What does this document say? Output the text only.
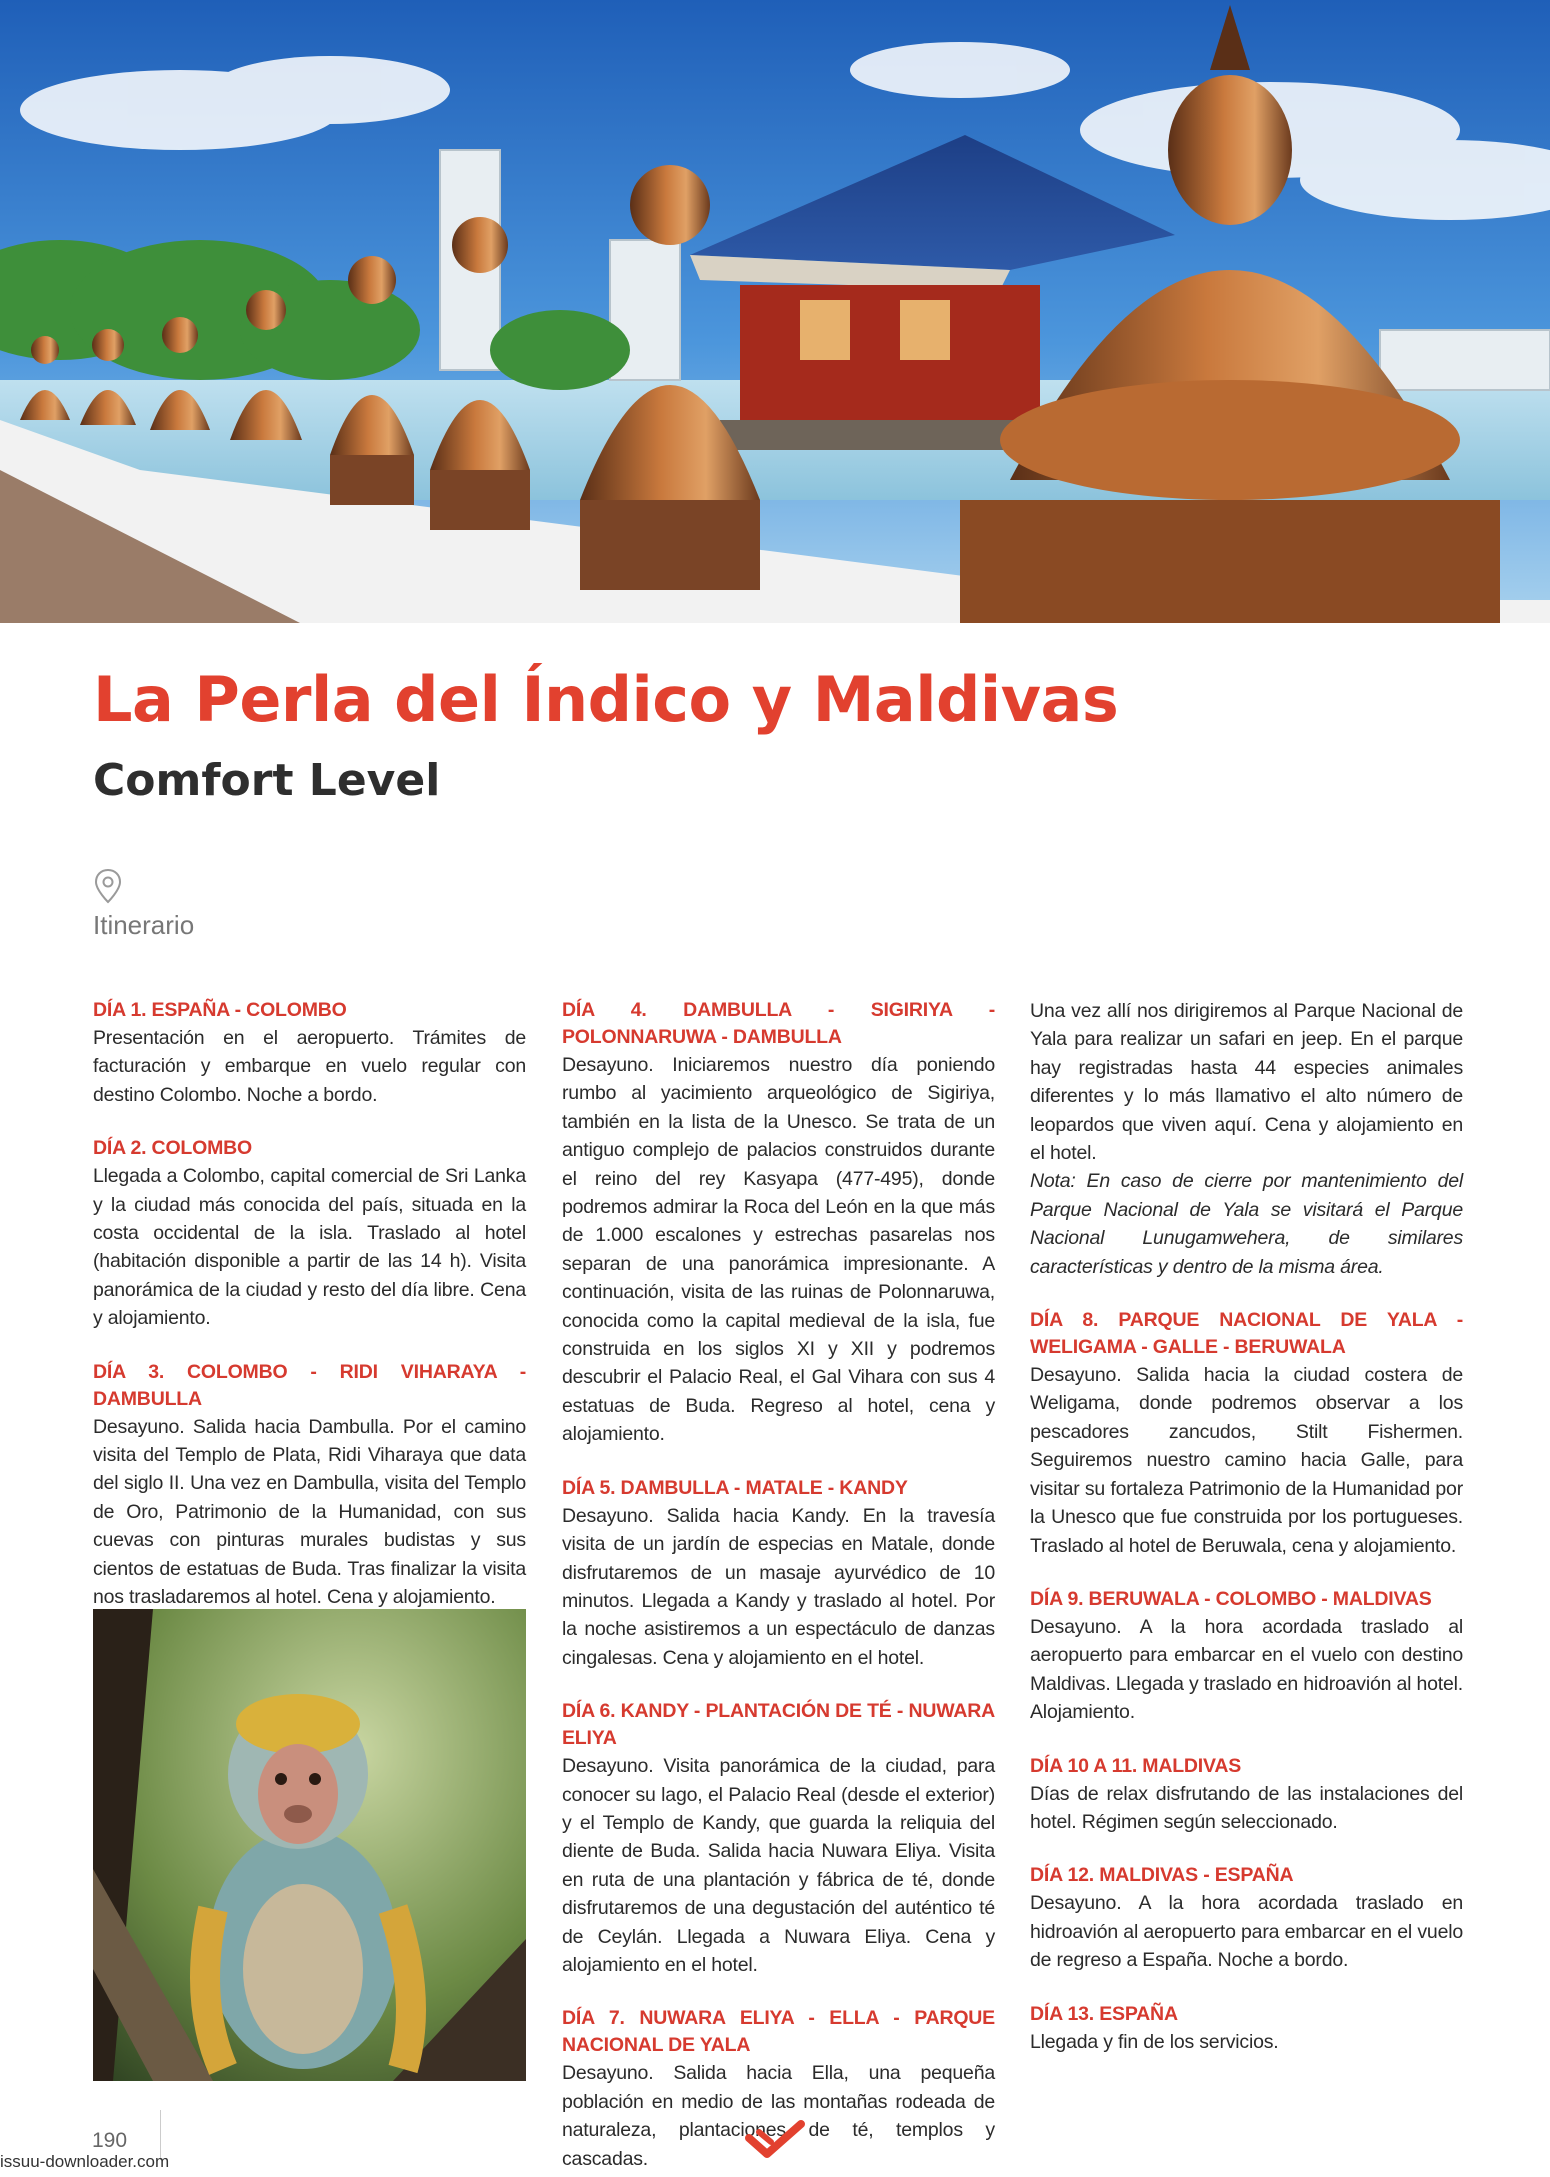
La Perla del Índico y Maldivas
Comfort Level
Itinerario
DÍA 1. ESPAÑA - COLOMBO
Presentación en el aeropuerto. Trámites de facturación y embarque en vuelo regular con destino Colombo. Noche a bordo.
DÍA 2. COLOMBO
Llegada a Colombo, capital comercial de Sri Lanka y la ciudad más conocida del país, situada en la costa occidental de la isla. Traslado al hotel (habitación disponible a partir de las 14 h). Visita panorámica de la ciudad y resto del día libre. Cena y alojamiento.
DÍA 3. COLOMBO - RIDI VIHARAYA - DAMBULLA
Desayuno. Salida hacia Dambulla. Por el camino visita del Templo de Plata, Ridi Viharaya que data del siglo II. Una vez en Dambulla, visita del Templo de Oro, Patrimonio de la Humanidad, con sus cuevas con pinturas murales budistas y sus cientos de estatuas de Buda. Tras finalizar la visita nos trasladaremos al hotel. Cena y alojamiento.
DÍA 4. DAMBULLA - SIGIRIYA - POLONNARUWA - DAMBULLA
Desayuno. Iniciaremos nuestro día poniendo rumbo al yacimiento arqueológico de Sigiriya, también en la lista de la Unesco. Se trata de un antiguo complejo de palacios construidos durante el reino del rey Kasyapa (477-495), donde podremos admirar la Roca del León en la que más de 1.000 escalones y estrechas pasarelas nos separan de una panorámica impresionante. A continuación, visita de las ruinas de Polonnaruwa, conocida como la capital medieval de la isla, fue construida en los siglos XI y XII y podremos descubrir el Palacio Real, el Gal Vihara con sus 4 estatuas de Buda. Regreso al hotel, cena y alojamiento.
DÍA 5. DAMBULLA - MATALE - KANDY
Desayuno. Salida hacia Kandy. En la travesía visita de un jardín de especias en Matale, donde disfrutaremos de un masaje ayurvédico de 10 minutos. Llegada a Kandy y traslado al hotel. Por la noche asistiremos a un espectáculo de danzas cingalesas. Cena y alojamiento en el hotel.
DÍA 6. KANDY - PLANTACIÓN DE TÉ - NUWARA ELIYA
Desayuno. Visita panorámica de la ciudad, para conocer su lago, el Palacio Real (desde el exterior) y el Templo de Kandy, que guarda la reliquia del diente de Buda. Salida hacia Nuwara Eliya. Visita en ruta de una plantación y fábrica de té, donde disfrutaremos de una degustación del auténtico té de Ceylán. Llegada a Nuwara Eliya. Cena y alojamiento en el hotel.
DÍA 7. NUWARA ELIYA - ELLA - PARQUE NACIONAL DE YALA
Desayuno. Salida hacia Ella, una pequeña población en medio de las montañas rodeada de naturaleza, plantaciones de té, templos y cascadas.
Una vez allí nos dirigiremos al Parque Nacional de Yala para realizar un safari en jeep. En el parque hay registradas hasta 44 especies animales diferentes y lo más llamativo el alto número de leopardos que viven aquí. Cena y alojamiento en el hotel.
Nota: En caso de cierre por mantenimiento del Parque Nacional de Yala se visitará el Parque Nacional Lunugamwehera, de similares características y dentro de la misma área.
DÍA 8. PARQUE NACIONAL DE YALA - WELIGAMA - GALLE - BERUWALA
Desayuno. Salida hacia la ciudad costera de Weligama, donde podremos observar a los pescadores zancudos, Stilt Fishermen. Seguiremos nuestro camino hacia Galle, para visitar su fortaleza Patrimonio de la Humanidad por la Unesco que fue construida por los portugueses. Traslado al hotel de Beruwala, cena y alojamiento.
DÍA 9. BERUWALA - COLOMBO - MALDIVAS
Desayuno. A la hora acordada traslado al aeropuerto para embarcar en el vuelo con destino Maldivas. Llegada y traslado en hidroavión al hotel. Alojamiento.
DÍA 10 A 11. MALDIVAS
Días de relax disfrutando de las instalaciones del hotel. Régimen según seleccionado.
DÍA 12. MALDIVAS - ESPAÑA
Desayuno. A la hora acordada traslado en hidroavión al aeropuerto para embarcar en el vuelo de regreso a España. Noche a bordo.
DÍA 13. ESPAÑA
Llegada y fin de los servicios.
190
issuu-downloader.com
